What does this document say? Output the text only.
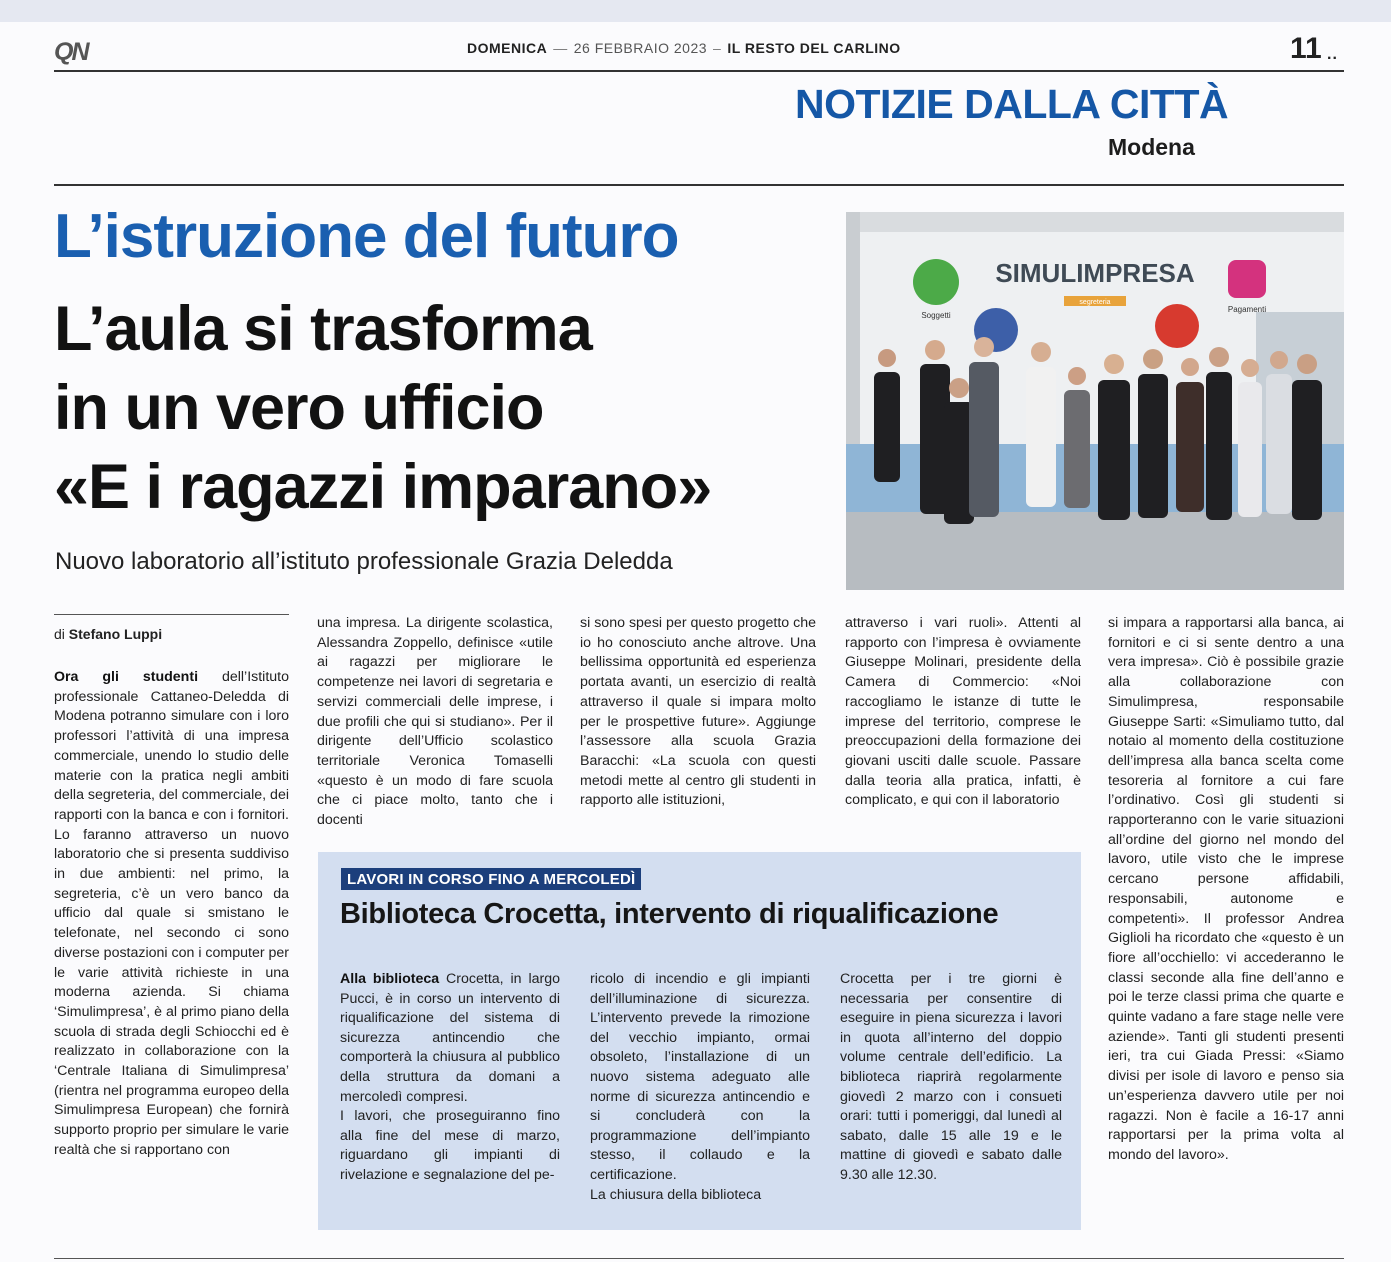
QN	DOMENICA — 26 FEBBRAIO 2023 – IL RESTO DEL CARLINO	11 ..
NOTIZIE DALLA CITTÀ
Modena
L’istruzione del futuro
L’aula si trasforma
in un vero ufficio
«E i ragazzi imparano»
Nuovo laboratorio all’istituto professionale Grazia Deledda
SIMULIMPRESA
segreteria
Soggetti
Pagamenti
di Stefano Luppi

Ora gli studenti dell’Istituto professionale Cattaneo-Deledda di Modena potranno simulare con i loro professori l’attività di una impresa commerciale, unendo lo studio delle materie con la pratica negli ambiti della segreteria, del commerciale, dei rapporti con la banca e con i fornitori. Lo faranno attraverso un nuovo laboratorio che si presenta suddiviso in due ambienti: nel primo, la segreteria, c’è un vero banco da ufficio dal quale si smistano le telefonate, nel secondo ci sono diverse postazioni con i computer per le varie attività richieste in una moderna azienda. Si chiama ‘Simulimpresa’, è al primo piano della scuola di strada degli Schiocchi ed è realizzato in collaborazione con la ‘Centrale Italiana di Simulimpresa’ (rientra nel programma europeo della Simulimpresa European) che fornirà supporto proprio per simulare le varie realtà che si rapportano con

una impresa. La dirigente scolastica, Alessandra Zoppello, definisce «utile ai ragazzi per migliorare le competenze nei lavori di segretaria e servizi commerciali delle imprese, i due profili che qui si studiano». Per il dirigente dell’Ufficio scolastico territoriale Veronica Tomaselli «questo è un modo di fare scuola che ci piace molto, tanto che i docenti

si sono spesi per questo progetto che io ho conosciuto anche altrove. Una bellissima opportunità ed esperienza portata avanti, un esercizio di realtà attraverso il quale si impara molto per le prospettive future». Aggiunge l’assessore alla scuola Grazia Baracchi: «La scuola con questi metodi mette al centro gli studenti in rapporto alle istituzioni,

attraverso i vari ruoli». Attenti al rapporto con l’impresa è ovviamente Giuseppe Molinari, presidente della Camera di Commercio: «Noi raccogliamo le istanze di tutte le imprese del territorio, comprese le preoccupazioni della formazione dei giovani usciti dalle scuole. Passare dalla teoria alla pratica, infatti, è complicato, e qui con il laboratorio

si impara a rapportarsi alla banca, ai fornitori e ci si sente dentro a una vera impresa». Ciò è possibile grazie alla collaborazione con Simulimpresa, responsabile Giuseppe Sarti: «Simuliamo tutto, dal notaio al momento della costituzione dell’impresa alla banca scelta come tesoreria al fornitore a cui fare l’ordinativo. Così gli studenti si rapporteranno con le varie situazioni all’ordine del giorno nel mondo del lavoro, utile visto che le imprese cercano persone affidabili, responsabili, autonome e competenti». Il professor Andrea Giglioli ha ricordato che «questo è un fiore all’occhiello: vi accederanno le classi seconde alla fine dell’anno e poi le terze classi prima che quarte e quinte vadano a fare stage nelle vere aziende». Tanti gli studenti presenti ieri, tra cui Giada Pressi: «Siamo divisi per isole di lavoro e penso sia un’esperienza davvero utile per noi ragazzi. Non è facile a 16-17 anni rapportarsi per la prima volta al mondo del lavoro».

LAVORI IN CORSO FINO A MERCOLEDÌ
Biblioteca Crocetta, intervento di riqualificazione

Alla biblioteca Crocetta, in largo Pucci, è in corso un intervento di riqualificazione del sistema di sicurezza antincendio che comporterà la chiusura al pubblico della struttura da domani a mercoledì compresi.
I lavori, che proseguiranno fino alla fine del mese di marzo, riguardano gli impianti di rivelazione e segnalazione del pe-

ricolo di incendio e gli impianti dell’illuminazione di sicurezza. L’intervento prevede la rimozione del vecchio impianto, ormai obsoleto, l’installazione di un nuovo sistema adeguato alle norme di sicurezza antincendio e si concluderà con la programmazione dell’impianto stesso, il collaudo e la certificazione.
La chiusura della biblioteca

Crocetta per i tre giorni è necessaria per consentire di eseguire in piena sicurezza i lavori in quota all’interno del doppio volume centrale dell’edificio. La biblioteca riaprirà regolarmente giovedì 2 marzo con i consueti orari: tutti i pomeriggi, dal lunedì al sabato, dalle 15 alle 19 e le mattine di giovedì e sabato dalle 9.30 alle 12.30.
